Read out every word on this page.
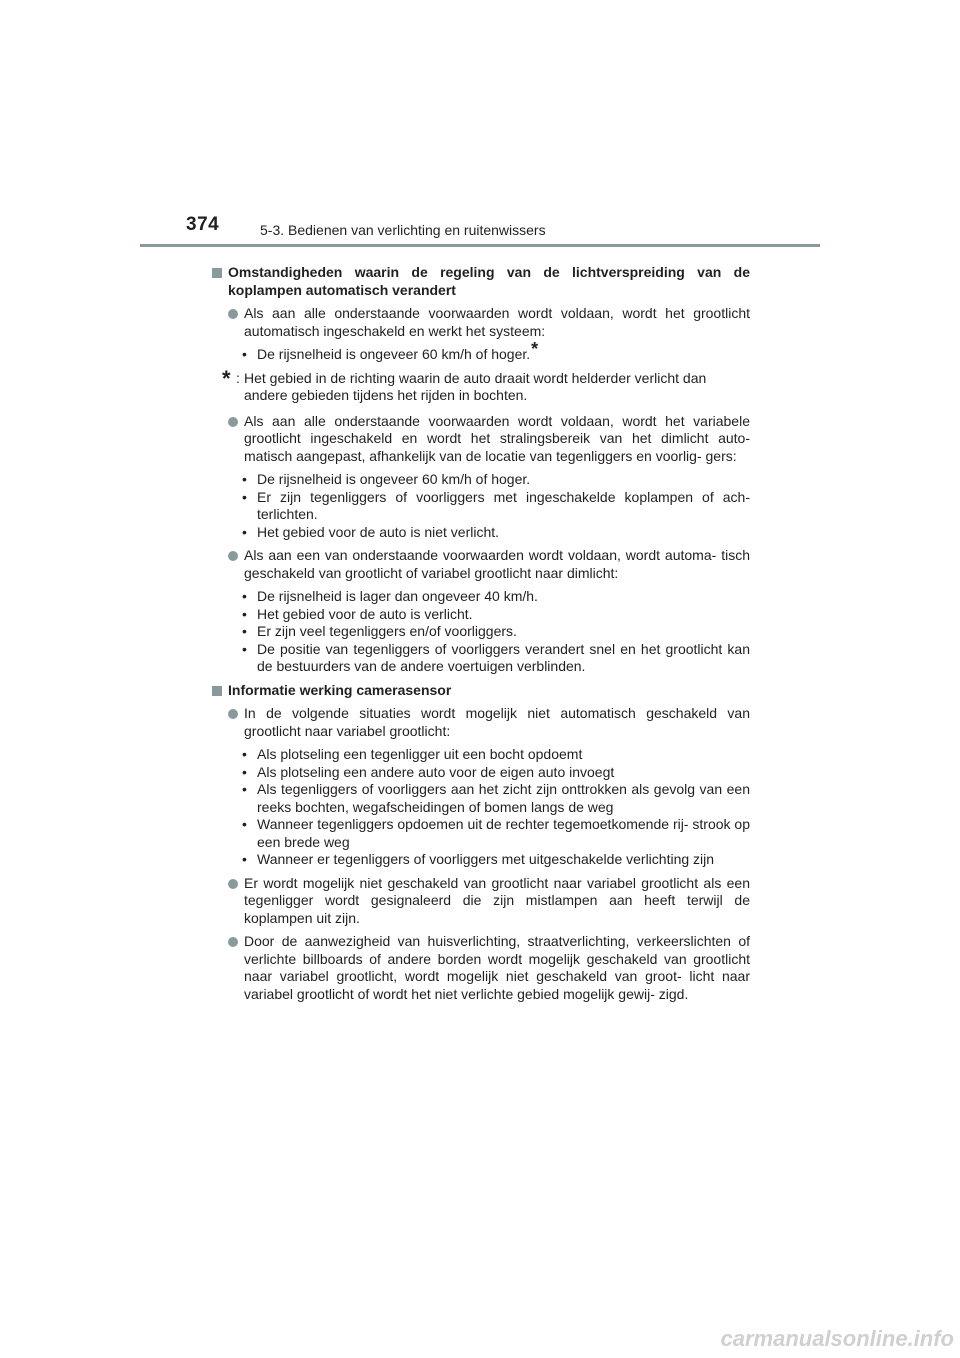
374	5-3. Bedienen van verlichting en ruitenwissers
Omstandigheden waarin de regeling van de lichtverspreiding van de koplampen automatisch verandert
Als aan alle onderstaande voorwaarden wordt voldaan, wordt het grootlicht automatisch ingeschakeld en werkt het systeem:
• De rijsnelheid is ongeveer 60 km/h of hoger.*
* : Het gebied in de richting waarin de auto draait wordt helderder verlicht dan andere gebieden tijdens het rijden in bochten.
Als aan alle onderstaande voorwaarden wordt voldaan, wordt het variabele grootlicht ingeschakeld en wordt het stralingsbereik van het dimlicht auto- matisch aangepast, afhankelijk van de locatie van tegenliggers en voorlig- gers:
• De rijsnelheid is ongeveer 60 km/h of hoger.
• Er zijn tegenliggers of voorliggers met ingeschakelde koplampen of ach- terlichten.
• Het gebied voor de auto is niet verlicht.
Als aan een van onderstaande voorwaarden wordt voldaan, wordt automa- tisch geschakeld van grootlicht of variabel grootlicht naar dimlicht:
• De rijsnelheid is lager dan ongeveer 40 km/h.
• Het gebied voor de auto is verlicht.
• Er zijn veel tegenliggers en/of voorliggers.
• De positie van tegenliggers of voorliggers verandert snel en het grootlicht kan de bestuurders van de andere voertuigen verblinden.
Informatie werking camerasensor
In de volgende situaties wordt mogelijk niet automatisch geschakeld van grootlicht naar variabel grootlicht:
• Als plotseling een tegenligger uit een bocht opdoemt
• Als plotseling een andere auto voor de eigen auto invoegt
• Als tegenliggers of voorliggers aan het zicht zijn onttrokken als gevolg van een reeks bochten, wegafscheidingen of bomen langs de weg
• Wanneer tegenliggers opdoemen uit de rechter tegemoetkomende rij- strook op een brede weg
• Wanneer er tegenliggers of voorliggers met uitgeschakelde verlichting zijn
Er wordt mogelijk niet geschakeld van grootlicht naar variabel grootlicht als een tegenligger wordt gesignaleerd die zijn mistlampen aan heeft terwijl de koplampen uit zijn.
Door de aanwezigheid van huisverlichting, straatverlichting, verkeerslichten of verlichte billboards of andere borden wordt mogelijk geschakeld van grootlicht naar variabel grootlicht, wordt mogelijk niet geschakeld van groot- licht naar variabel grootlicht of wordt het niet verlichte gebied mogelijk gewij- zigd.
carmanualsonline.info
